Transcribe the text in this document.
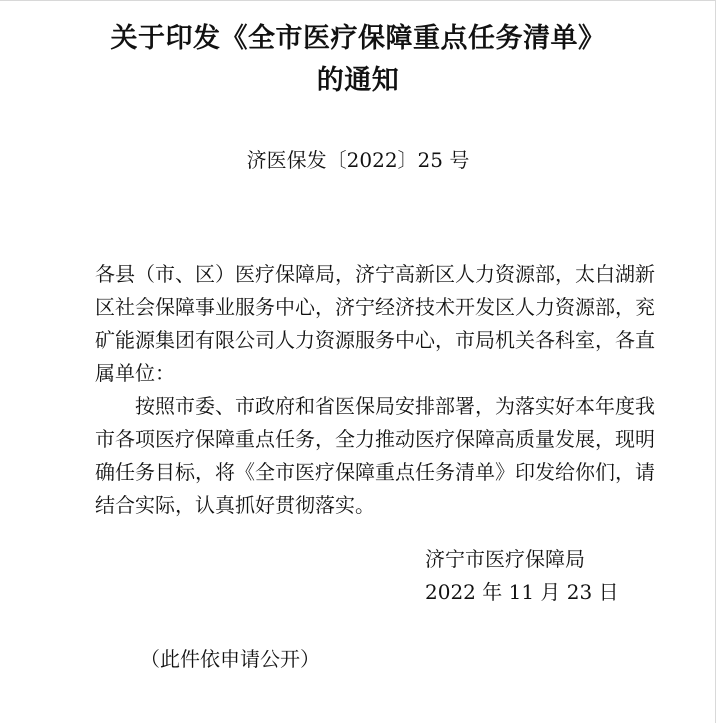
关于印发《全市医疗保障重点任务清单》
的通知
济医保发〔2022〕25 号
各县（市、区）医疗保障局，济宁高新区人力资源部，太白湖新
区社会保障事业服务中心，济宁经济技术开发区人力资源部，兖
矿能源集团有限公司人力资源服务中心，市局机关各科室，各直
属单位：
按照市委、市政府和省医保局安排部署，为落实好本年度我
市各项医疗保障重点任务，全力推动医疗保障高质量发展，现明
确任务目标，将《全市医疗保障重点任务清单》印发给你们，请
结合实际，认真抓好贯彻落实。
济宁市医疗保障局
2022 年 11 月 23 日
（此件依申请公开）
